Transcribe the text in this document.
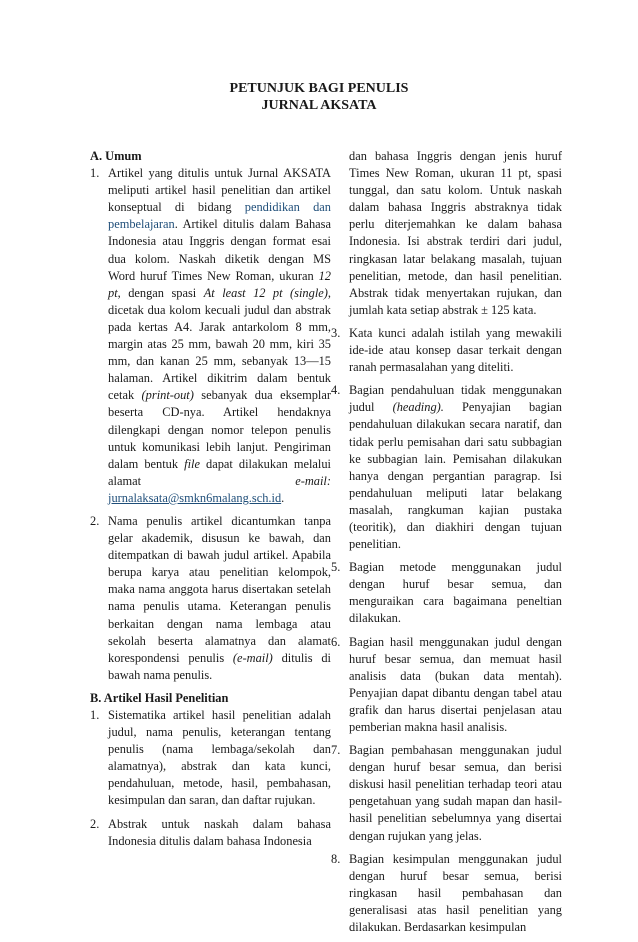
PETUNJUK BAGI PENULIS
JURNAL AKSATA
A. Umum
1. Artikel yang ditulis untuk Jurnal AKSATA meliputi artikel hasil penelitian dan artikel konseptual di bidang pendidikan dan pembelajaran. Artikel ditulis dalam Bahasa Indonesia atau Inggris dengan format esai dua kolom. Naskah diketik dengan MS Word huruf Times New Roman, ukuran 12 pt, dengan spasi At least 12 pt (single), dicetak dua kolom kecuali judul dan abstrak pada kertas A4. Jarak antarkolom 8 mm, margin atas 25 mm, bawah 20 mm, kiri 35 mm, dan kanan 25 mm, sebanyak 13—15 halaman. Artikel dikitrim dalam bentuk cetak (print-out) sebanyak dua eksemplar beserta CD-nya. Artikel hendaknya dilengkapi dengan nomor telepon penulis untuk komunikasi lebih lanjut. Pengiriman dalam bentuk file dapat dilakukan melalui alamat e-mail: jurnalaksata@smkn6malang.sch.id.
2. Nama penulis artikel dicantumkan tanpa gelar akademik, disusun ke bawah, dan ditempatkan di bawah judul artikel. Apabila berupa karya atau penelitian kelompok, maka nama anggota harus disertakan setelah nama penulis utama. Keterangan penulis berkaitan dengan nama lembaga atau sekolah beserta alamatnya dan alamat korespondensi penulis (e-mail) ditulis di bawah nama penulis.
B. Artikel Hasil Penelitian
1. Sistematika artikel hasil penelitian adalah judul, nama penulis, keterangan tentang penulis (nama lembaga/sekolah dan alamatnya), abstrak dan kata kunci, pendahuluan, metode, hasil, pembahasan, kesimpulan dan saran, dan daftar rujukan.
2. Abstrak untuk naskah dalam bahasa Indonesia ditulis dalam bahasa Indonesia
dan bahasa Inggris dengan jenis huruf Times New Roman, ukuran 11 pt, spasi tunggal, dan satu kolom. Untuk naskah dalam bahasa Inggris abstraknya tidak perlu diterjemahkan ke dalam bahasa Indonesia. Isi abstrak terdiri dari judul, ringkasan latar belakang masalah, tujuan penelitian, metode, dan hasil penelitian. Abstrak tidak menyertakan rujukan, dan jumlah kata setiap abstrak ± 125 kata.
3. Kata kunci adalah istilah yang mewakili ide-ide atau konsep dasar terkait dengan ranah permasalahan yang diteliti.
4. Bagian pendahuluan tidak menggunakan judul (heading). Penyajian bagian pendahuluan dilakukan secara naratif, dan tidak perlu pemisahan dari satu subbagian ke subbagian lain. Pemisahan dilakukan hanya dengan pergantian paragrap. Isi pendahuluan meliputi latar belakang masalah, rangkuman kajian pustaka (teoritik), dan diakhiri dengan tujuan penelitian.
5. Bagian metode menggunakan judul dengan huruf besar semua, dan menguraikan cara bagaimana peneltian dilakukan.
6. Bagian hasil menggunakan judul dengan huruf besar semua, dan memuat hasil analisis data (bukan data mentah). Penyajian dapat dibantu dengan tabel atau grafik dan harus disertai penjelasan atau pemberian makna hasil analisis.
7. Bagian pembahasan menggunakan judul dengan huruf besar semua, dan berisi diskusi hasil penelitian terhadap teori atau pengetahuan yang sudah mapan dan hasil-hasil penelitian sebelumnya yang disertai dengan rujukan yang jelas.
8. Bagian kesimpulan menggunakan judul dengan huruf besar semua, berisi ringkasan hasil pembahasan dan generalisasi atas hasil penelitian yang dilakukan. Berdasarkan kesimpulan
